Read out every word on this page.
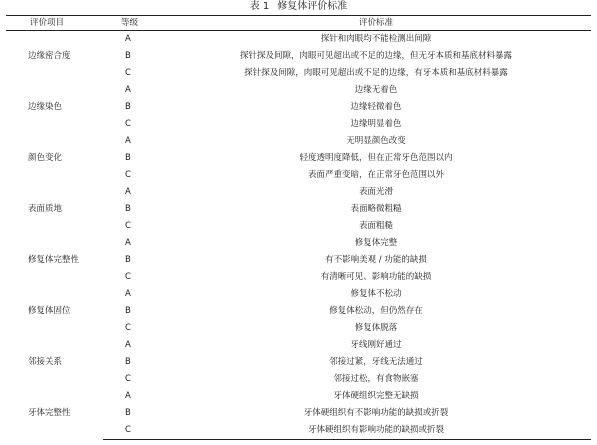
表 1 修复体评价标准
评价项目	等级	评价标准
边缘密合度	A	探针和肉眼均不能检测出间隙
	B	探针探及间隙，肉眼可见超出或不足的边缘，但无牙本质和基底材料暴露
	C	探针探及间隙，肉眼可见超出或不足的边缘，有牙本质和基底材料暴露
边缘染色	A	边缘无着色
	B	边缘轻微着色
	C	边缘明显着色
颜色变化	A	无明显颜色改变
	B	轻度透明度降低，但在正常牙色范围以内
	C	表面严重变暗，在正常牙色范围以外
表面质地	A	表面光滑
	B	表面略微粗糙
	C	表面粗糙
修复体完整性	A	修复体完整
	B	有不影响美观 / 功能的缺损
	C	有清晰可见、影响功能的缺损
修复体固位	A	修复体不松动
	B	修复体松动，但仍然存在
	C	修复体脱落
邻接关系	A	牙线刚好通过
	B	邻接过紧，牙线无法通过
	C	邻接过松，有食物嵌塞
牙体完整性	A	牙体硬组织完整无缺损
	B	牙体硬组织有不影响功能的缺损或折裂
	C	牙体硬组织有影响功能的缺损或折裂
